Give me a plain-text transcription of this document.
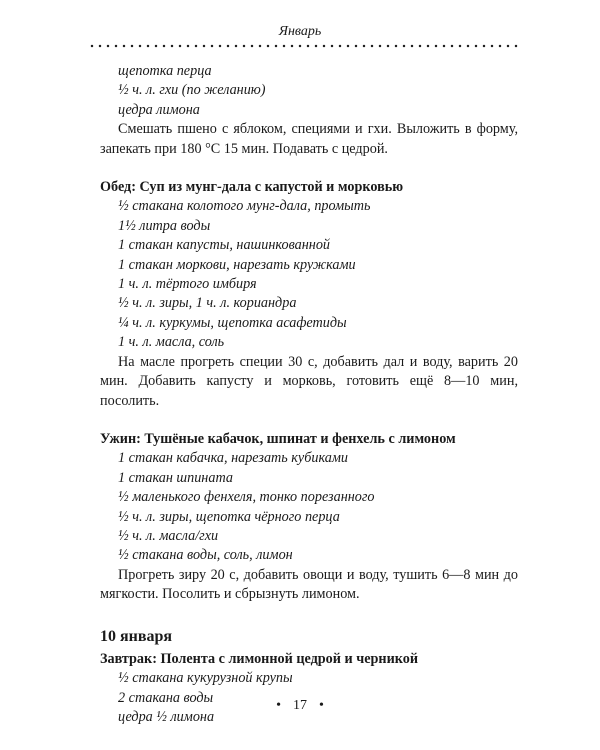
Январь
щепотка перца
½ ч. л. гхи (по желанию)
цедра лимона
Смешать пшено с яблоком, специями и гхи. Выложить в форму, запекать при 180 °С 15 мин. Подавать с цедрой.
Обед: Суп из мунг-дала с капустой и морковью
½ стакана колотого мунг-дала, промыть
1½ литра воды
1 стакан капусты, нашинкованной
1 стакан моркови, нарезать кружками
1 ч. л. тёртого имбиря
½ ч. л. зиры, 1 ч. л. кориандра
¼ ч. л. куркумы, щепотка асафетиды
1 ч. л. масла, соль
На масле прогреть специи 30 с, добавить дал и воду, варить 20 мин. Добавить капусту и морковь, готовить ещё 8—10 мин, посолить.
Ужин: Тушёные кабачок, шпинат и фенхель с лимоном
1 стакан кабачка, нарезать кубиками
1 стакан шпината
½ маленького фенхеля, тонко порезанного
½ ч. л. зиры, щепотка чёрного перца
½ ч. л. масла/гхи
½ стакана воды, соль, лимон
Прогреть зиру 20 с, добавить овощи и воду, тушить 6—8 мин до мягкости. Посолить и сбрызнуть лимоном.
10 января
Завтрак: Полента с лимонной цедрой и черникой
½ стакана кукурузной крупы
2 стакана воды
цедра ½ лимона
• 17 •
